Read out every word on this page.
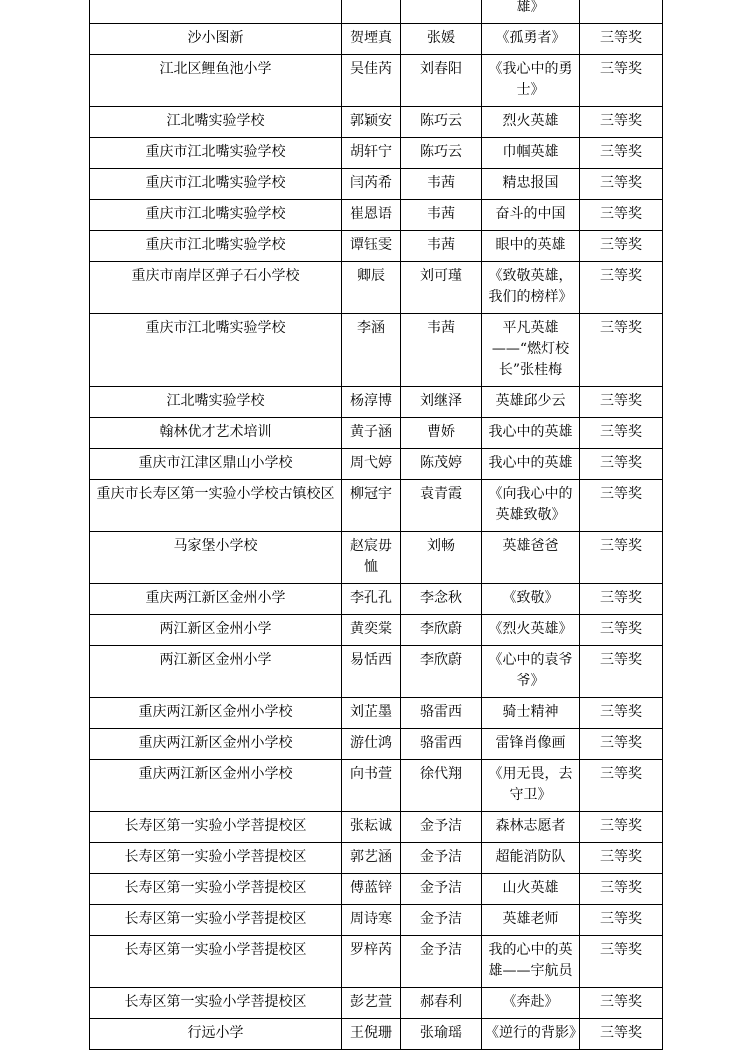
			雄》	
沙小图新	贺堙真	张媛	《孤勇者》	三等奖
江北区鲤鱼池小学	吴佳芮	刘春阳	《我心中的勇士》	三等奖
江北嘴实验学校	郭颖安	陈巧云	烈火英雄	三等奖
重庆市江北嘴实验学校	胡轩宁	陈巧云	巾帼英雄	三等奖
重庆市江北嘴实验学校	闫芮希	韦茜	精忠报国	三等奖
重庆市江北嘴实验学校	崔恩语	韦茜	奋斗的中国	三等奖
重庆市江北嘴实验学校	谭钰雯	韦茜	眼中的英雄	三等奖
重庆市南岸区弹子石小学校	卿辰	刘可瑾	《致敬英雄，我们的榜样》	三等奖
重庆市江北嘴实验学校	李涵	韦茜	平凡英雄——“燃灯校长”张桂梅	三等奖
江北嘴实验学校	杨淳博	刘继泽	英雄邱少云	三等奖
翰林优才艺术培训	黄子涵	曹娇	我心中的英雄	三等奖
重庆市江津区鼎山小学校	周弋婷	陈茂婷	我心中的英雄	三等奖
重庆市长寿区第一实验小学校古镇校区	柳冠宇	袁青霞	《向我心中的英雄致敬》	三等奖
马家堡小学校	赵宸毋恤	刘畅	英雄爸爸	三等奖
重庆两江新区金州小学	李孔孔	李念秋	《致敬》	三等奖
两江新区金州小学	黄奕棠	李欣蔚	《烈火英雄》	三等奖
两江新区金州小学	易恬西	李欣蔚	《心中的袁爷爷》	三等奖
重庆两江新区金州小学校	刘芷墨	骆雷西	骑士精神	三等奖
重庆两江新区金州小学校	游仕鸿	骆雷西	雷锋肖像画	三等奖
重庆两江新区金州小学校	向书萱	徐代翔	《用无畏，去守卫》	三等奖
长寿区第一实验小学菩提校区	张耘诚	金予洁	森林志愿者	三等奖
长寿区第一实验小学菩提校区	郭艺涵	金予洁	超能消防队	三等奖
长寿区第一实验小学菩提校区	傅蓝锌	金予洁	山火英雄	三等奖
长寿区第一实验小学菩提校区	周诗寒	金予洁	英雄老师	三等奖
长寿区第一实验小学菩提校区	罗梓芮	金予洁	我的心中的英雄——宇航员	三等奖
长寿区第一实验小学菩提校区	彭艺萱	郝春利	《奔赴》	三等奖
行远小学	王倪珊	张瑜瑶	《逆行的背影》	三等奖
